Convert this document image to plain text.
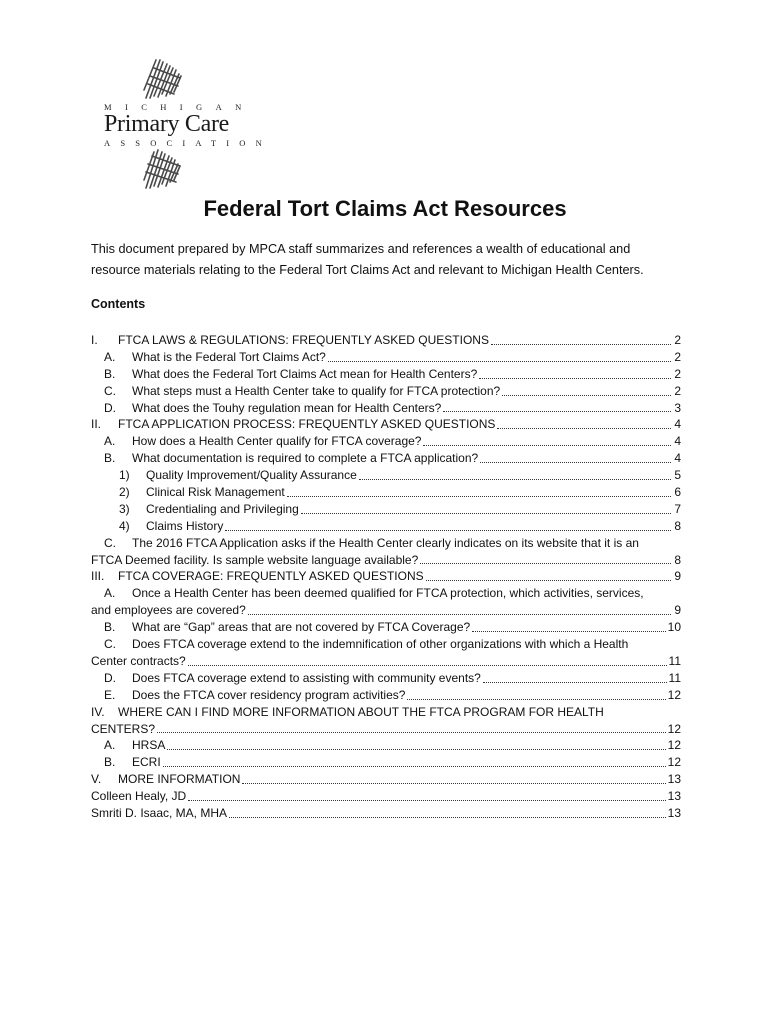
MICHIGAN
Primary Care
ASSOCIATION
Federal Tort Claims Act Resources
This document prepared by MPCA staff summarizes and references a wealth of educational and resource materials relating to the Federal Tort Claims Act and relevant to Michigan Health Centers.
Contents
I.	FTCA LAWS & REGULATIONS: FREQUENTLY ASKED QUESTIONS	2
A.	What is the Federal Tort Claims Act?	2
B.	What does the Federal Tort Claims Act mean for Health Centers?	2
C.	What steps must a Health Center take to qualify for FTCA protection?	2
D.	What does the Touhy regulation mean for Health Centers?	3
II.	FTCA APPLICATION PROCESS: FREQUENTLY ASKED QUESTIONS	4
A.	How does a Health Center qualify for FTCA coverage?	4
B.	What documentation is required to complete a FTCA application?	4
1)	Quality Improvement/Quality Assurance	5
2)	Clinical Risk Management	6
3)	Credentialing and Privileging	7
4)	Claims History	8
C.	The 2016 FTCA Application asks if the Health Center clearly indicates on its website that it is an
FTCA Deemed facility. Is sample website language available?	8
III.	FTCA COVERAGE: FREQUENTLY ASKED QUESTIONS	9
A.	Once a Health Center has been deemed qualified for FTCA protection, which activities, services,
and employees are covered?	9
B.	What are “Gap” areas that are not covered by FTCA Coverage?	10
C.	Does FTCA coverage extend to the indemnification of other organizations with which a Health
Center contracts?	11
D.	Does FTCA coverage extend to assisting with community events?	11
E.	Does the FTCA cover residency program activities?	12
IV.	WHERE CAN I FIND MORE INFORMATION ABOUT THE FTCA PROGRAM FOR HEALTH
CENTERS?	12
A.	HRSA	12
B.	ECRI	12
V.	MORE INFORMATION	13
Colleen Healy, JD	13
Smriti D. Isaac, MA, MHA	13
